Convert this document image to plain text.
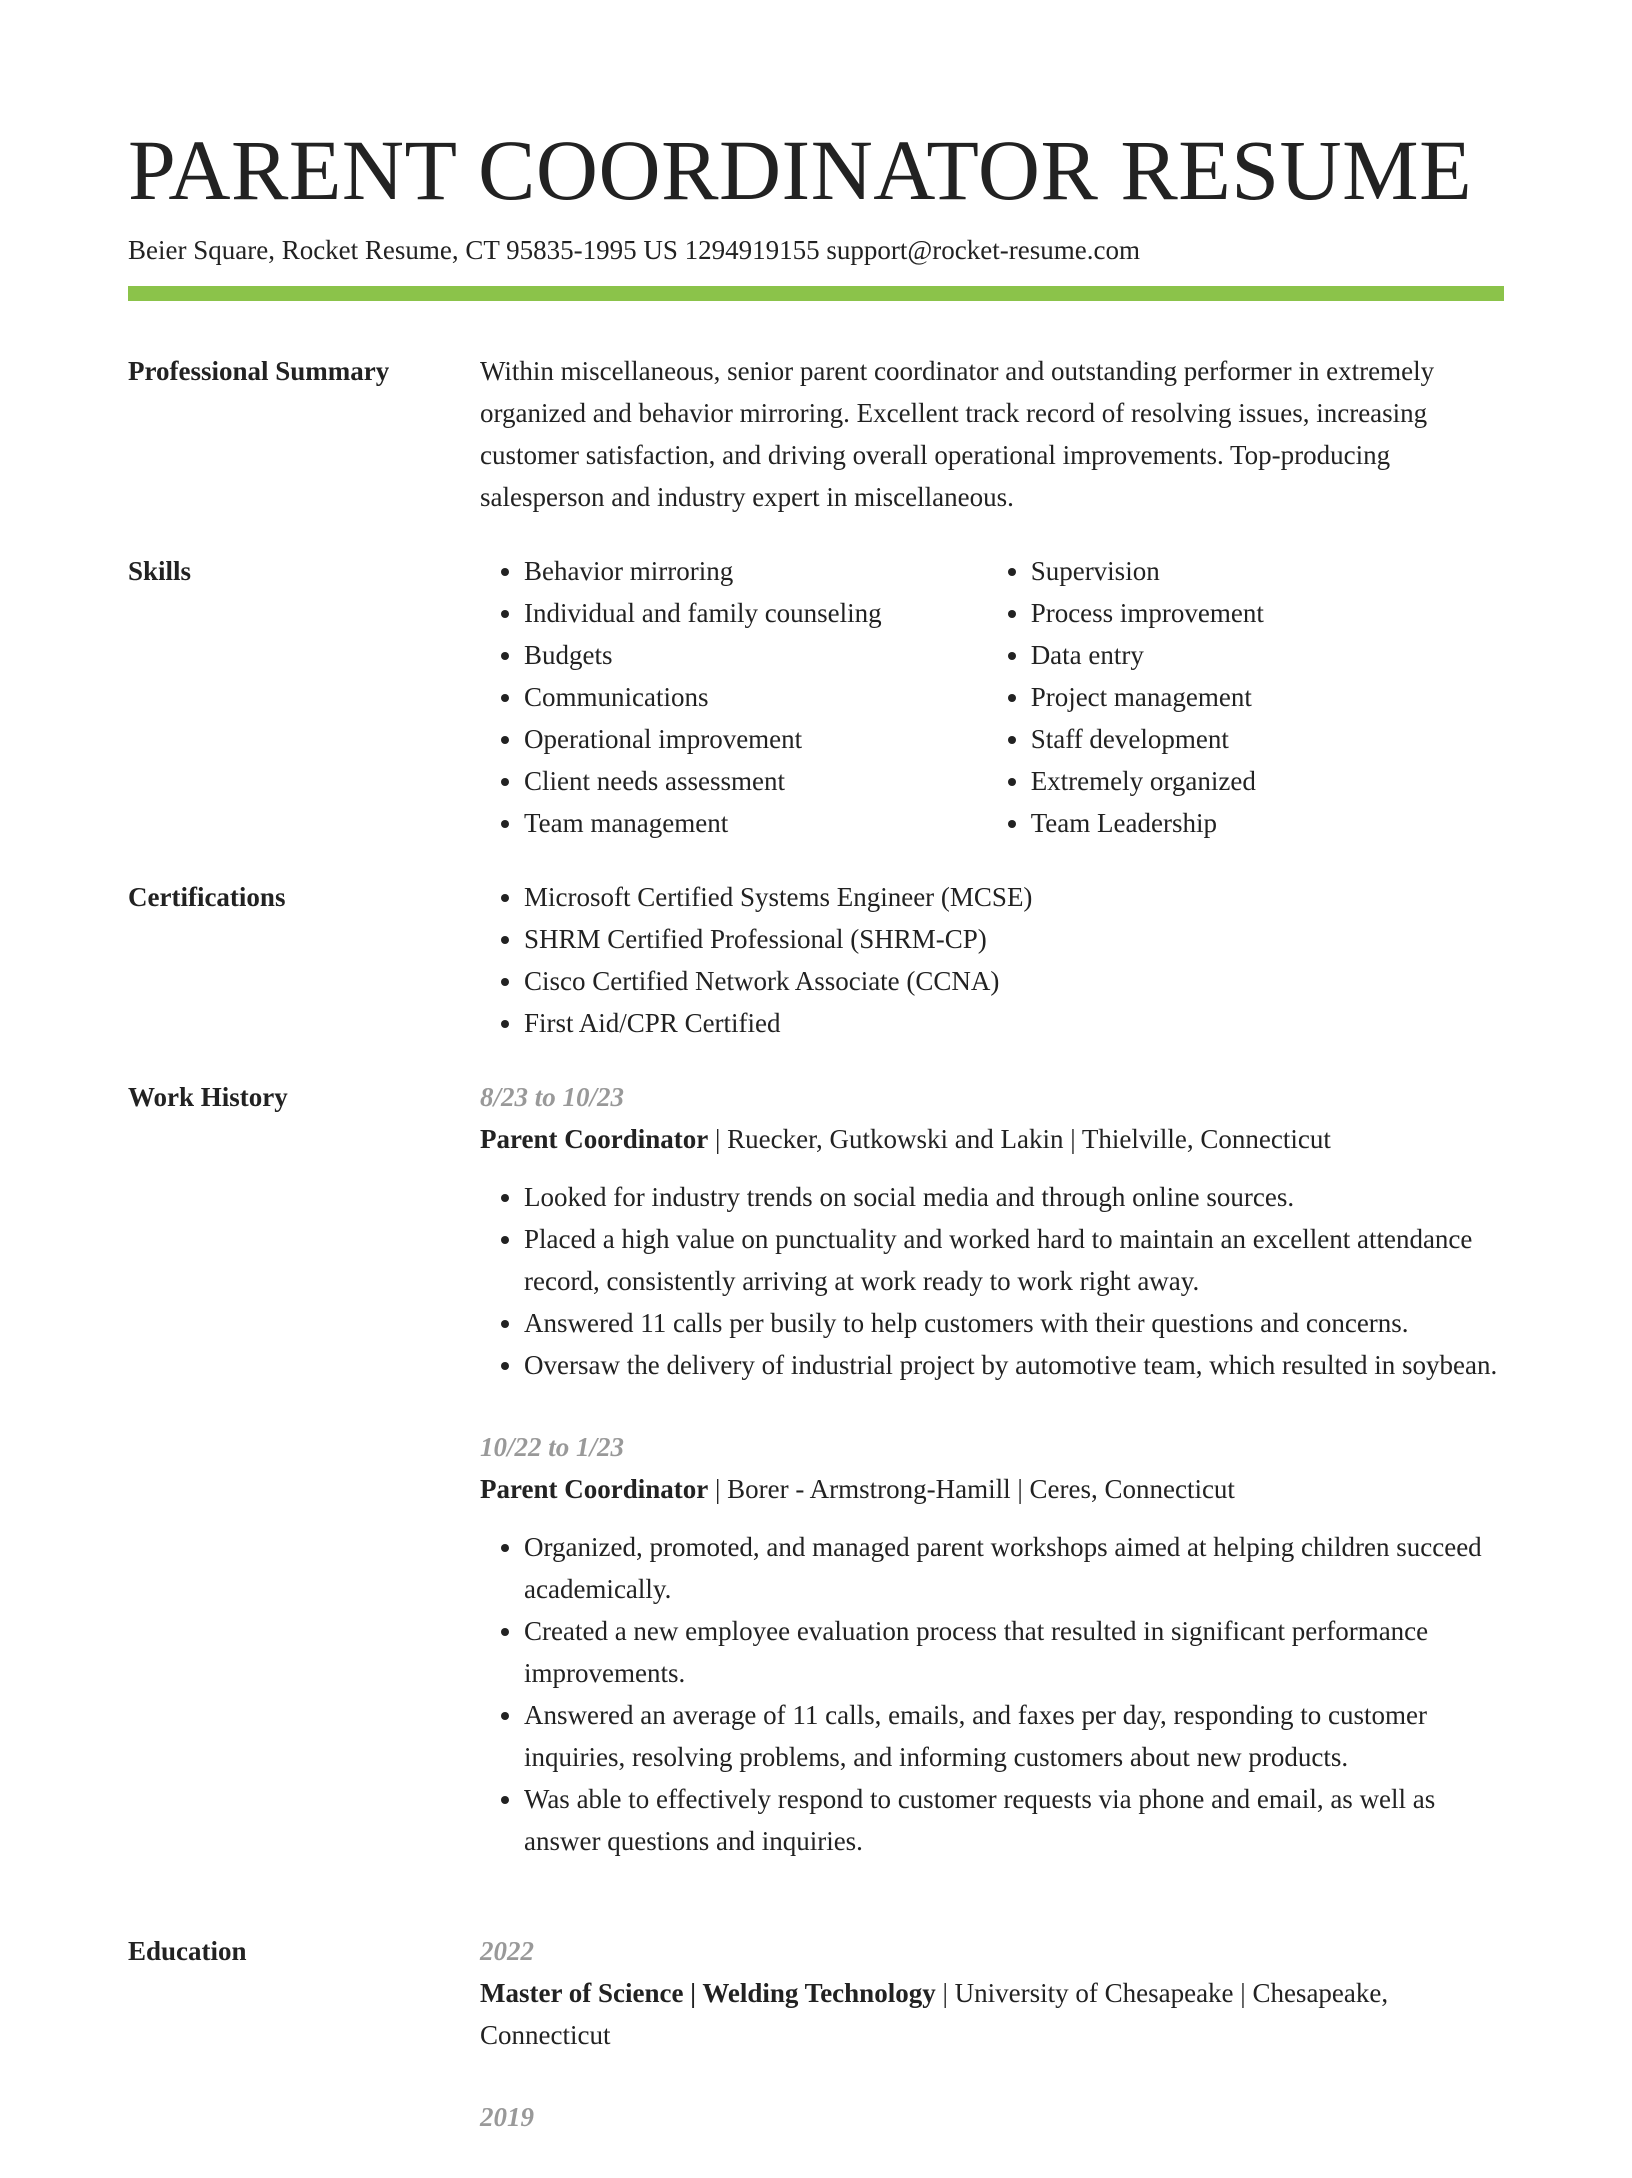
PARENT COORDINATOR RESUME
Beier Square, Rocket Resume, CT 95835-1995 US 1294919155 support@rocket-resume.com
Professional Summary	Within miscellaneous, senior parent coordinator and outstanding performer in extremely organized and behavior mirroring. Excellent track record of resolving issues, increasing customer satisfaction, and driving overall operational improvements. Top-producing salesperson and industry expert in miscellaneous.

Skills	• Behavior mirroring
• Individual and family counseling
• Budgets
• Communications
• Operational improvement
• Client needs assessment
• Team management
• Supervision
• Process improvement
• Data entry
• Project management
• Staff development
• Extremely organized
• Team Leadership
Certifications	• Microsoft Certified Systems Engineer (MCSE)
• SHRM Certified Professional (SHRM-CP)
• Cisco Certified Network Associate (CCNA)
• First Aid/CPR Certified
Work History	8/23 to 10/23
Parent Coordinator | Ruecker, Gutkowski and Lakin | Thielville, Connecticut
• Looked for industry trends on social media and through online sources.
• Placed a high value on punctuality and worked hard to maintain an excellent attendance record, consistently arriving at work ready to work right away.
• Answered 11 calls per busily to help customers with their questions and concerns.
• Oversaw the delivery of industrial project by automotive team, which resulted in soybean.
10/22 to 1/23
Parent Coordinator | Borer - Armstrong-Hamill | Ceres, Connecticut
• Organized, promoted, and managed parent workshops aimed at helping children succeed academically.
• Created a new employee evaluation process that resulted in significant performance improvements.
• Answered an average of 11 calls, emails, and faxes per day, responding to customer inquiries, resolving problems, and informing customers about new products.
• Was able to effectively respond to customer requests via phone and email, as well as answer questions and inquiries.
Education	2022
Master of Science | Welding Technology | University of Chesapeake | Chesapeake, Connecticut
2019
